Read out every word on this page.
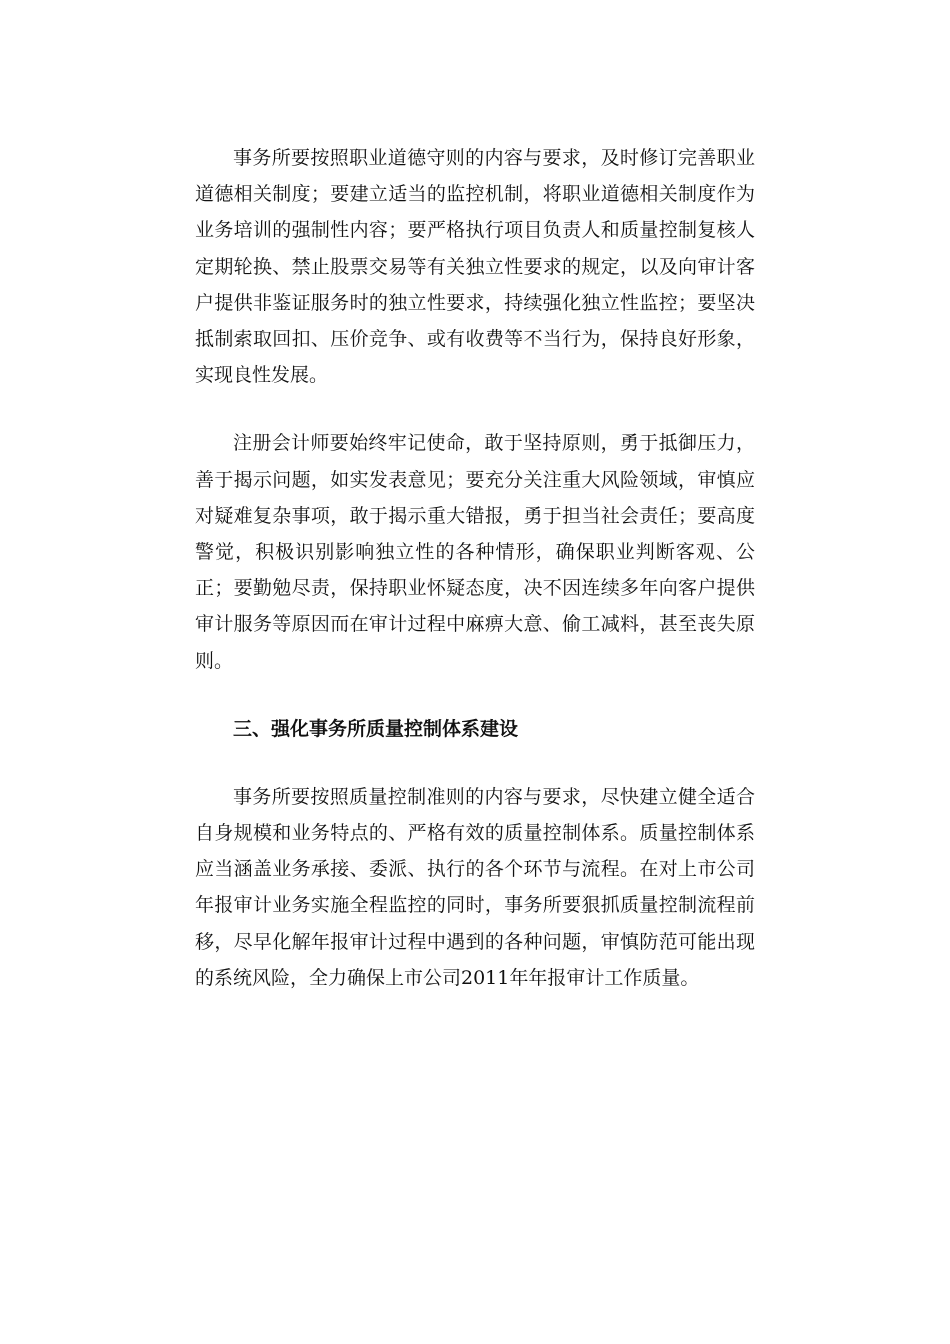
事务所要按照职业道德守则的内容与要求，及时修订完善职业道德相关制度；要建立适当的监控机制，将职业道德相关制度作为业务培训的强制性内容；要严格执行项目负责人和质量控制复核人定期轮换、禁止股票交易等有关独立性要求的规定，以及向审计客户提供非鉴证服务时的独立性要求，持续强化独立性监控；要坚决抵制索取回扣、压价竞争、或有收费等不当行为，保持良好形象，实现良性发展。

注册会计师要始终牢记使命，敢于坚持原则，勇于抵御压力，善于揭示问题，如实发表意见；要充分关注重大风险领域，审慎应对疑难复杂事项，敢于揭示重大错报，勇于担当社会责任；要高度警觉，积极识别影响独立性的各种情形，确保职业判断客观、公正；要勤勉尽责，保持职业怀疑态度，决不因连续多年向客户提供审计服务等原因而在审计过程中麻痹大意、偷工减料，甚至丧失原则。

三、强化事务所质量控制体系建设

事务所要按照质量控制准则的内容与要求，尽快建立健全适合自身规模和业务特点的、严格有效的质量控制体系。质量控制体系应当涵盖业务承接、委派、执行的各个环节与流程。在对上市公司年报审计业务实施全程监控的同时，事务所要狠抓质量控制流程前移，尽早化解年报审计过程中遇到的各种问题，审慎防范可能出现的系统风险，全力确保上市公司2011年年报审计工作质量。
